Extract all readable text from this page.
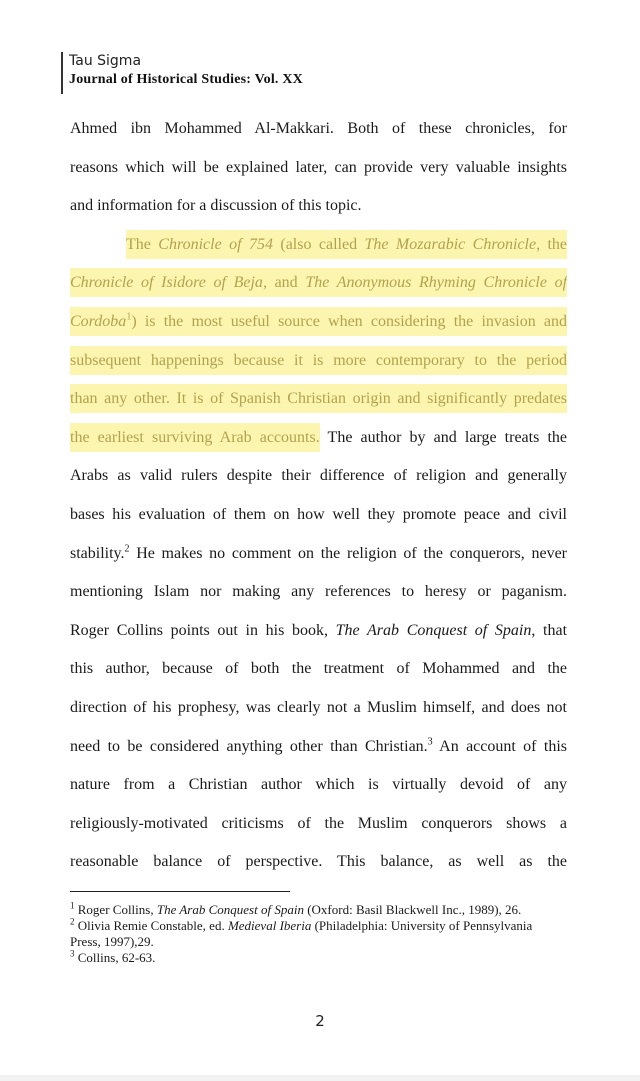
Tau Sigma
Journal of Historical Studies: Vol. XX
Ahmed ibn Mohammed Al-Makkari. Both of these chronicles, for
reasons which will be explained later, can provide very valuable insights
and information for a discussion of this topic.
The Chronicle of 754 (also called The Mozarabic Chronicle, the
Chronicle of Isidore of Beja, and The Anonymous Rhyming Chronicle of
Cordoba$^1$) is the most useful source when considering the invasion and
subsequent happenings because it is more contemporary to the period
than any other. It is of Spanish Christian origin and significantly predates
the earliest surviving Arab accounts. The author by and large treats the
Arabs as valid rulers despite their difference of religion and generally
bases his evaluation of them on how well they promote peace and civil
stability.$^2$ He makes no comment on the religion of the conquerors, never
mentioning Islam nor making any references to heresy or paganism.
Roger Collins points out in his book, The Arab Conquest of Spain, that
this author, because of both the treatment of Mohammed and the
direction of his prophesy, was clearly not a Muslim himself, and does not
need to be considered anything other than Christian.$^3$ An account of this
nature from a Christian author which is virtually devoid of any
religiously-motivated criticisms of the Muslim conquerors shows a
reasonable balance of perspective. This balance, as well as the
$^1$ Roger Collins, The Arab Conquest of Spain (Oxford: Basil Blackwell Inc., 1989), 26.
$^2$ Olivia Remie Constable, ed. Medieval Iberia (Philadelphia: University of Pennsylvania Press, 1997),29.
$^3$ Collins, 62-63.
2
